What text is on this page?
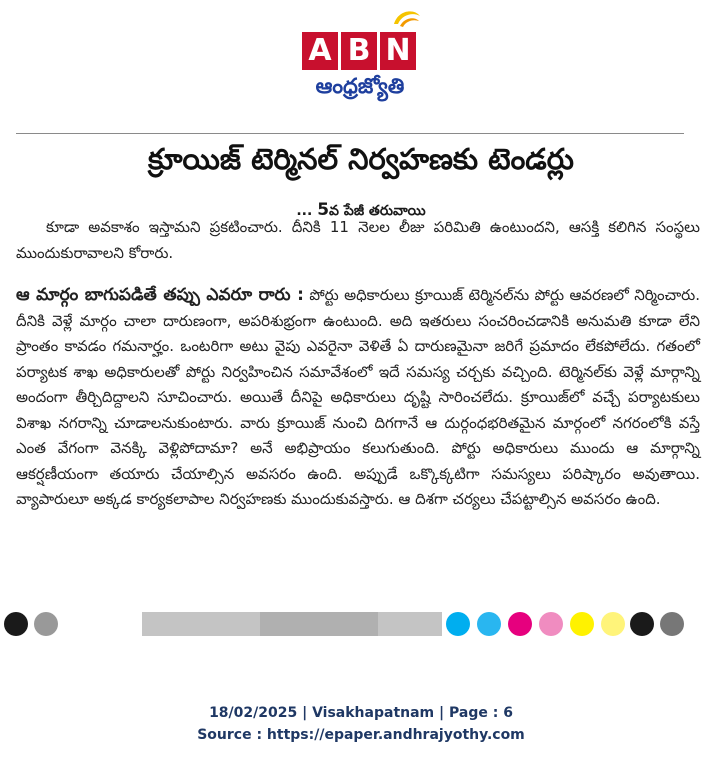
A B N
ఆంధ్రజ్యోతి
క్రూయిజ్ టెర్మినల్ నిర్వహణకు టెండర్లు
... 5వ పేజీ తరువాయి
కూడా అవకాశం ఇస్తామని ప్రకటించారు. దీనికి 11 నెలల లీజు పరిమితి ఉంటుందని, ఆసక్తి కలిగిన సంస్థలు ముందుకురావాలని కోరారు.
ఆ మార్గం బాగుపడితే తప్పు ఎవరూ రారు : పోర్టు అధికారులు క్రూయిజ్ టెర్మినల్‌ను పోర్టు ఆవరణలో నిర్మించారు. దీనికి వెళ్లే మార్గం చాలా దారుణంగా, అపరిశుభ్రంగా ఉంటుంది. అది ఇతరులు సంచరించడానికి అనుమతి కూడా లేని ప్రాంతం కావడం గమనార్హం. ఒంటరిగా అటు వైపు ఎవరైనా వెళితే ఏ దారుణమైనా జరిగే ప్రమాదం లేకపోలేదు. గతంలో పర్యాటక శాఖ అధికారులతో పోర్టు నిర్వహించిన సమావేశంలో ఇదే సమస్య చర్చకు వచ్చింది. టెర్మినల్‌కు వెళ్లే మార్గాన్ని అందంగా తీర్చిదిద్దాలని సూచించారు. అయితే దీనిపై అధికారులు దృష్టి సారించలేదు. క్రూయిజ్‌లో వచ్చే పర్యాటకులు విశాఖ నగరాన్ని చూడాలనుకుంటారు. వారు క్రూయిజ్ నుంచి దిగగానే ఆ దుర్గంధభరితమైన మార్గంలో నగరంలోకి వస్తే ఎంత వేగంగా వెనక్కి వెళ్లిపోదామా? అనే అభిప్రాయం కలుగుతుంది. పోర్టు అధికారులు ముందు ఆ మార్గాన్ని ఆకర్షణీయంగా తయారు చేయాల్సిన అవసరం ఉంది. అప్పుడే ఒక్కొక్కటిగా సమస్యలు పరిష్కారం అవుతాయి. వ్యాపారులూ అక్కడ కార్యకలాపాల నిర్వహణకు ముందుకువస్తారు. ఆ దిశగా చర్యలు చేపట్టాల్సిన అవసరం ఉంది.
18/02/2025 | Visakhapatnam | Page : 6
Source : https://epaper.andhrajyothy.com
